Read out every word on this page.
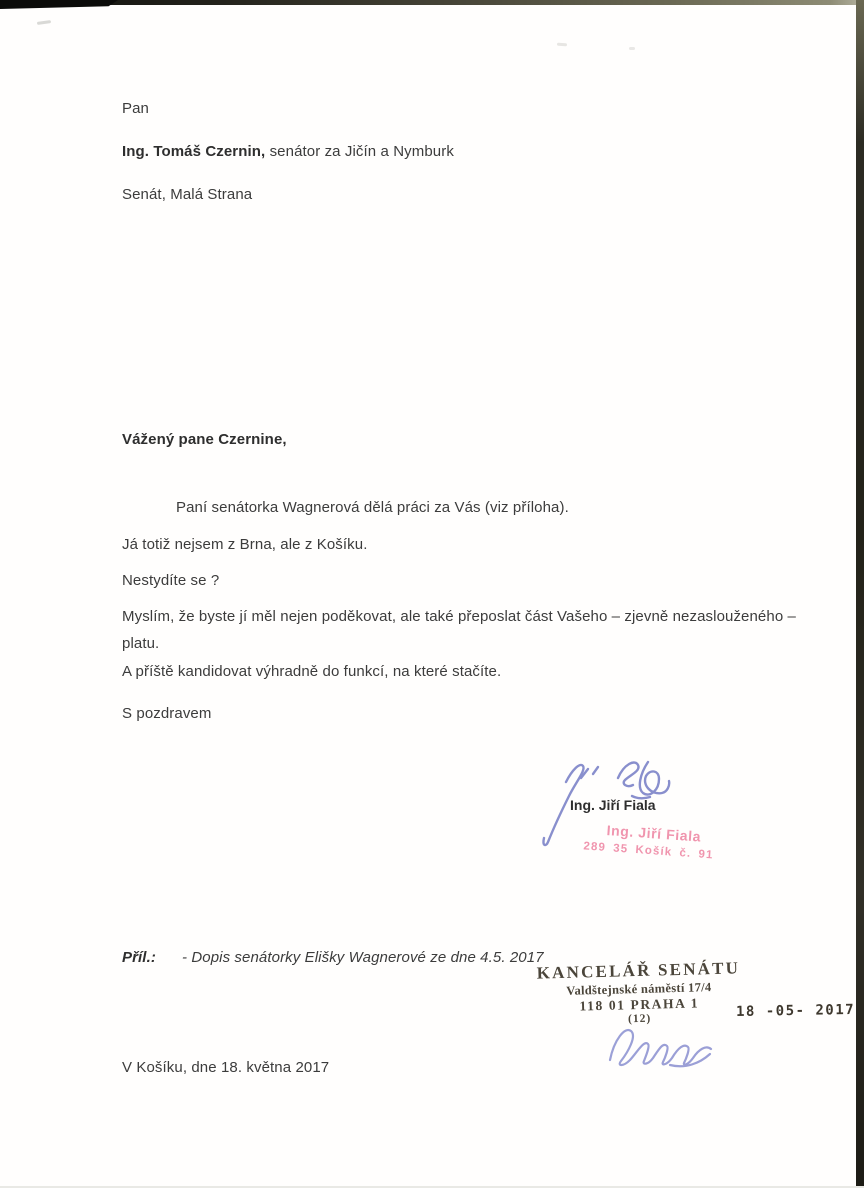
Pan

Ing. Tomáš Czernin, senátor za Jičín a Nymburk

Senát, Malá Strana

Vážený pane Czernine,

Paní senátorka Wagnerová dělá práci za Vás (viz příloha).

Já totiž nejsem z Brna, ale z Košíku.

Nestydíte se ?

Myslím, že byste jí měl nejen poděkovat, ale také přeposlat část Vašeho – zjevně nezaslouženého – platu.

A příště kandidovat výhradně do funkcí, na které stačíte.

S pozdravem

Ing. Jiří Fiala

Ing. Jiří Fiala
289 35 Košík č. 91

Příl.: - Dopis senátorky Elišky Wagnerové ze dne 4.5. 2017

KANCELÁŘ SENÁTU
Valdštejnské náměstí 17/4
118 01 PRAHA 1
(12)	18 -05- 2017

V Košíku, dne 18. května 2017
